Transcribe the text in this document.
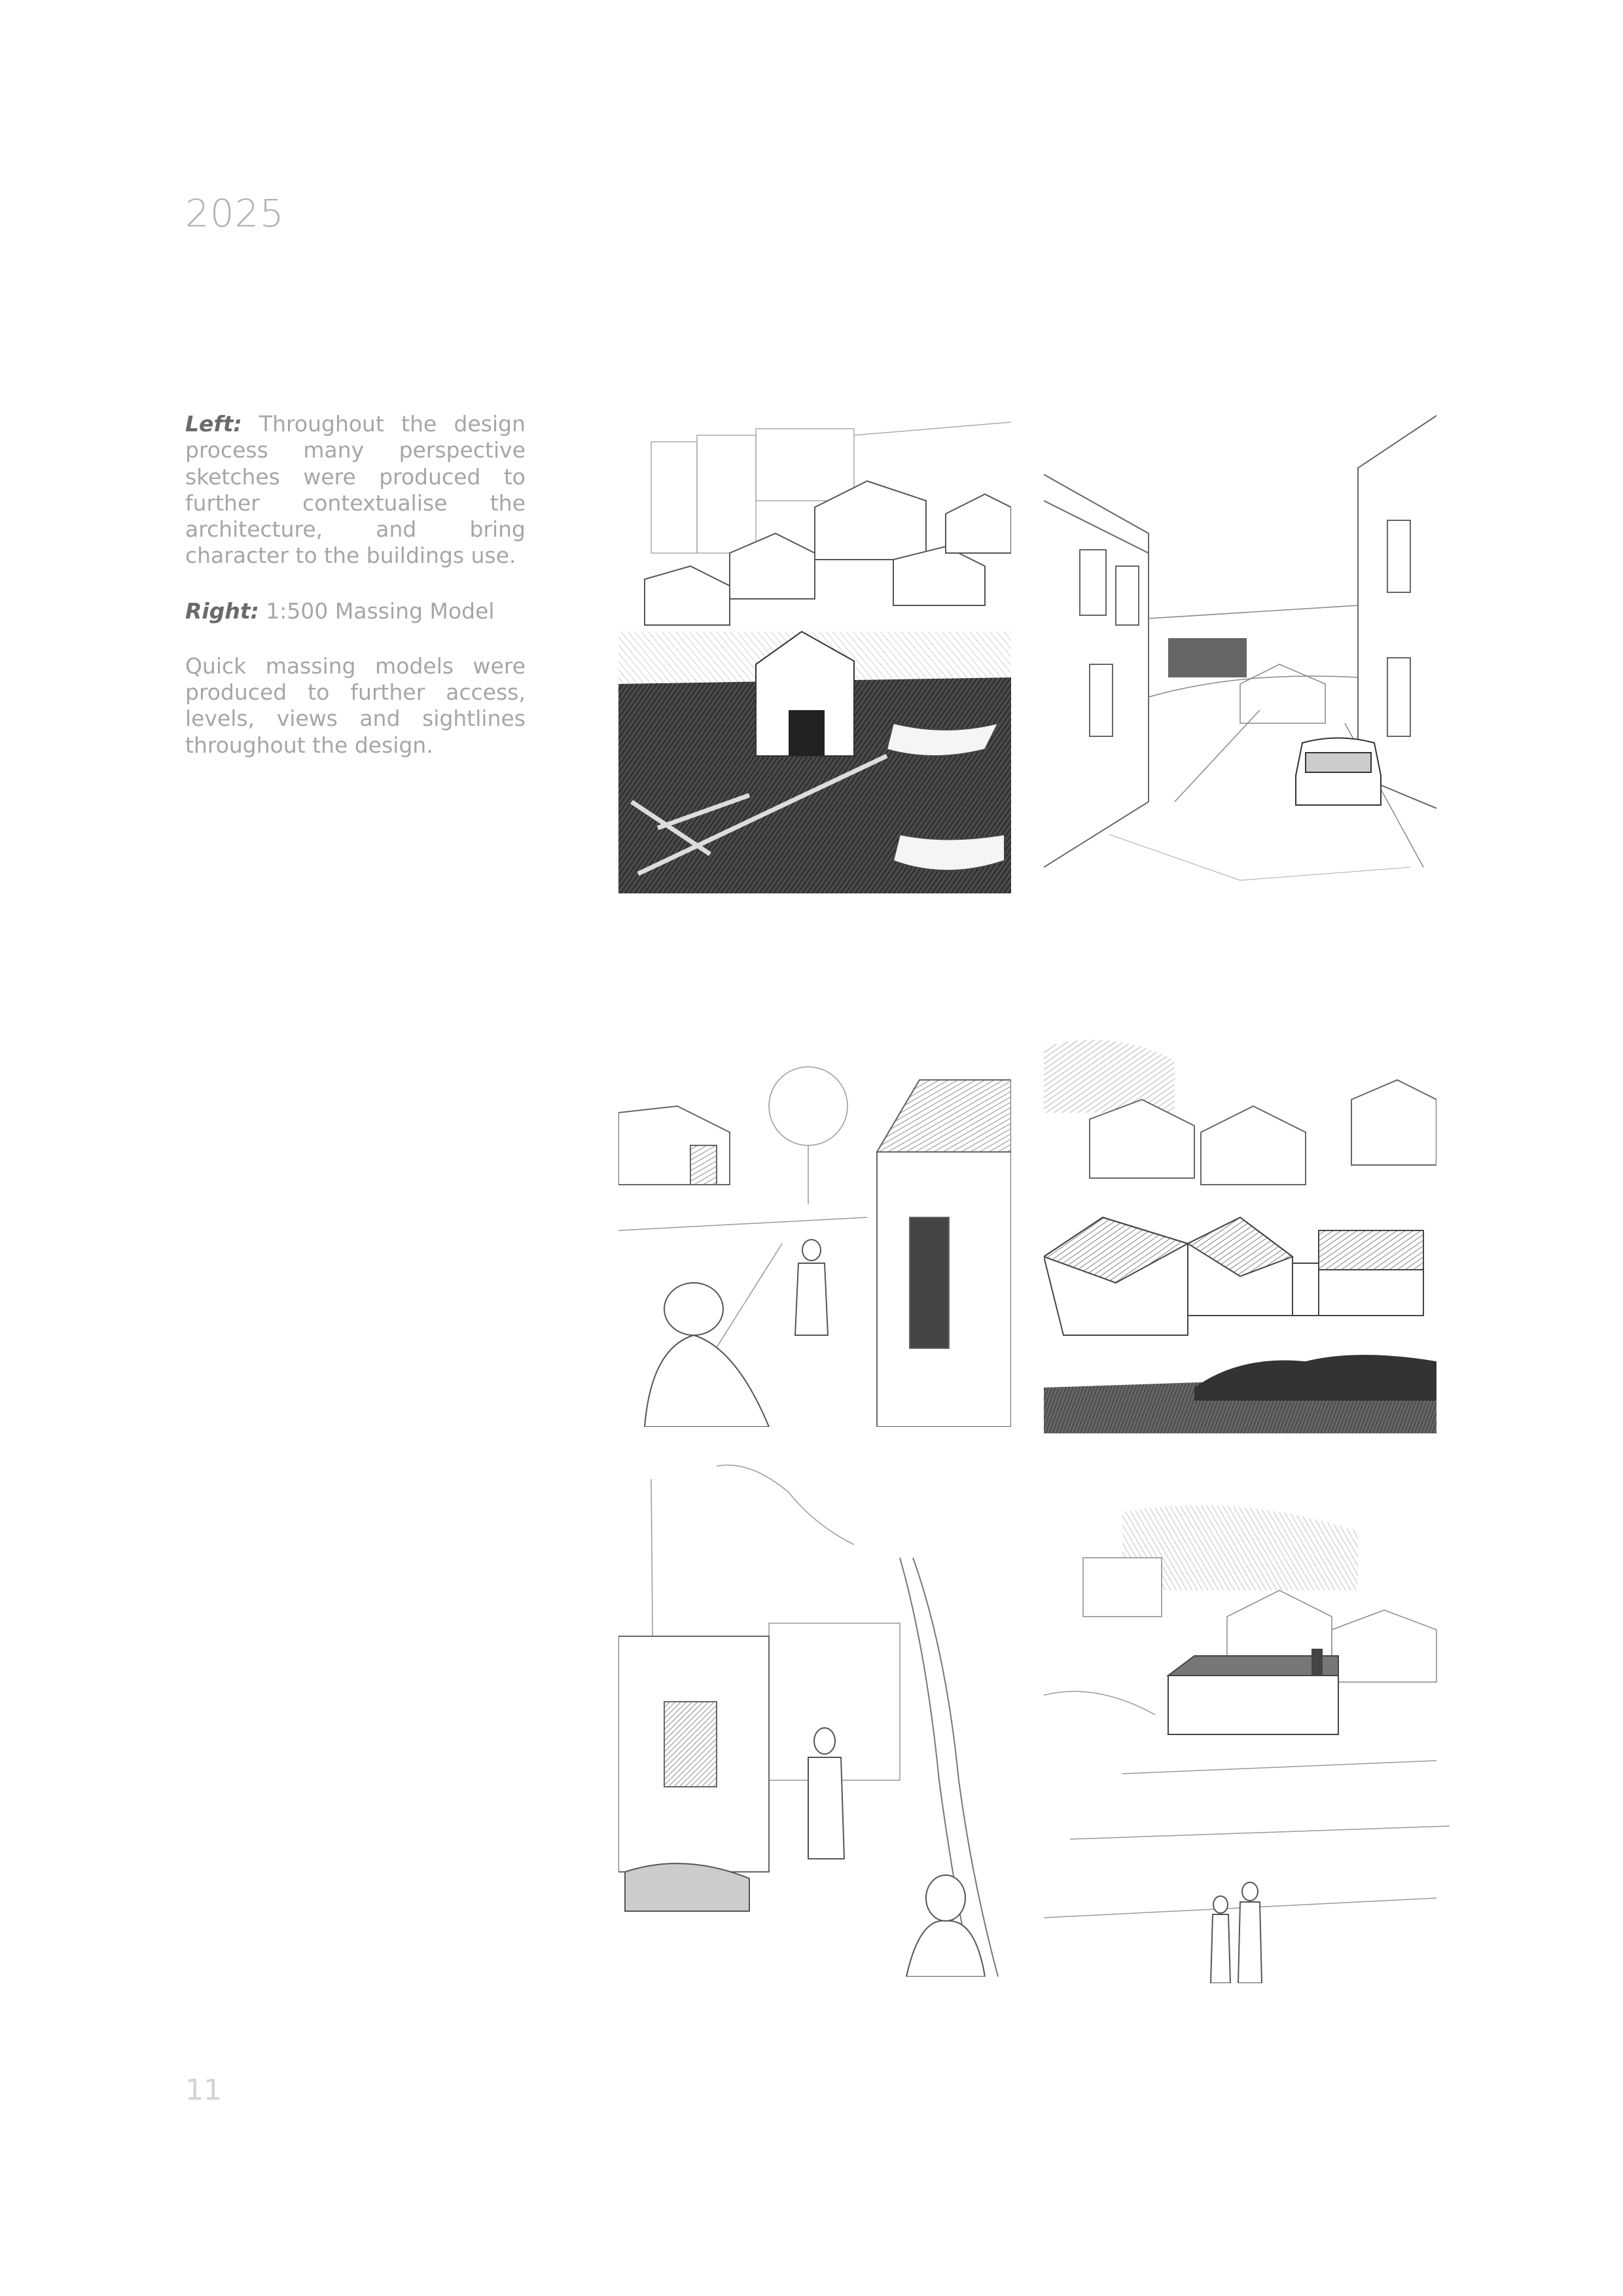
2025

Left: Throughout the design process many perspective sketches were produced to further contextualise the architecture, and bring character to the buildings use.

Right: 1:500 Massing Model

Quick massing models were produced to further access, levels, views and sightlines throughout the design.

11
